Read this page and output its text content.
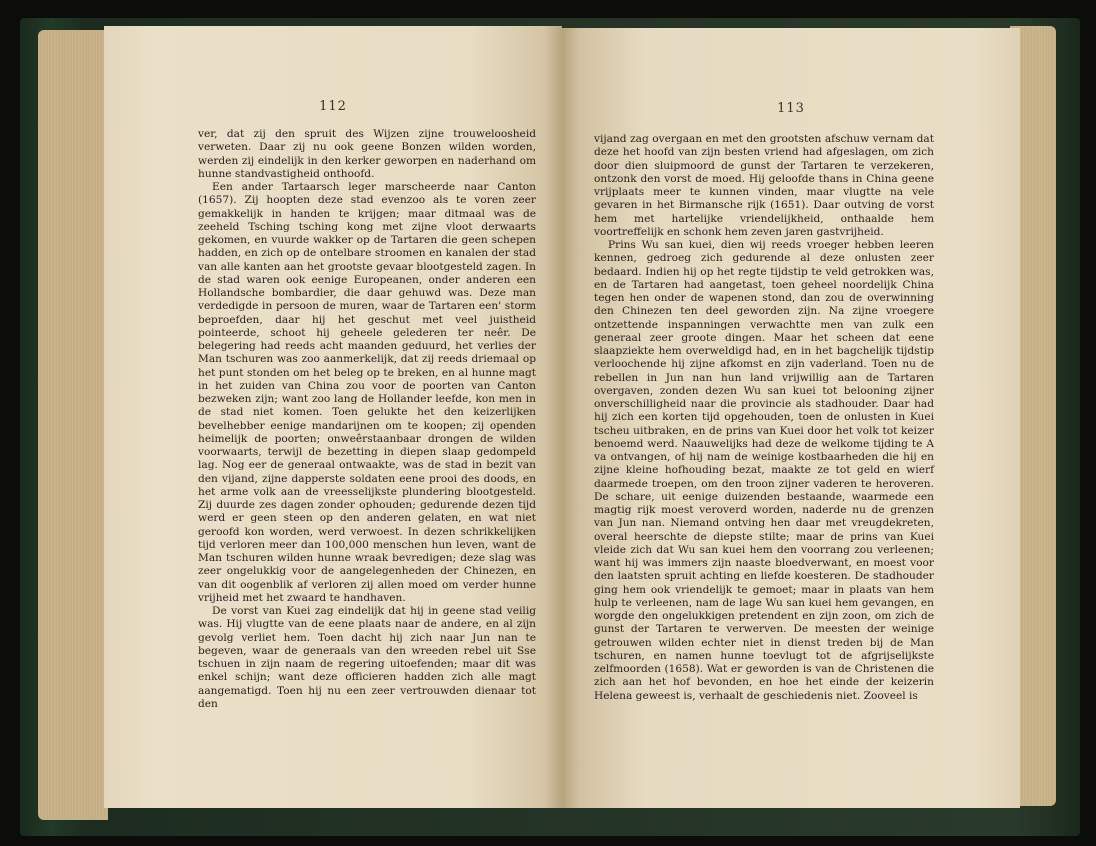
112

ver, dat zij den spruit des Wijzen zijne trouweloosheid verweten. Daar zij nu ook geene Bonzen wilden worden, werden zij eindelijk in den kerker geworpen en naderhand om hunne standvastigheid onthoofd.

Een ander Tartaarsch leger marscheerde naar Canton (1657). Zij hoopten deze stad evenzoo als te voren zeer gemakkelijk in handen te krijgen; maar ditmaal was de zeeheld Tsching tsching kong met zijne vloot derwaarts gekomen, en vuurde wakker op de Tartaren die geen schepen hadden, en zich op de ontelbare stroomen en kanalen der stad van alle kanten aan het grootste gevaar blootgesteld zagen. In de stad waren ook eenige Europeanen, onder anderen een Hollandsche bombardier, die daar gehuwd was. Deze man verdedigde in persoon de muren, waar de Tartaren een' storm beproefden, daar hij het geschut met veel juistheid pointeerde, schoot hij geheele gelederen ter neêr. De belegering had reeds acht maanden geduurd, het verlies der Man tschuren was zoo aanmerkelijk, dat zij reeds driemaal op het punt stonden om het beleg op te breken, en al hunne magt in het zuiden van China zou voor de poorten van Canton bezweken zijn; want zoo lang de Hollander leefde, kon men in de stad niet komen. Toen gelukte het den keizerlijken bevelhebber eenige mandarijnen om te koopen; zij openden heimelijk de poorten; onweêrstaanbaar drongen de wilden voorwaarts, terwijl de bezetting in diepen slaap gedompeld lag. Nog eer de generaal ontwaakte, was de stad in bezit van den vijand, zijne dapperste soldaten eene prooi des doods, en het arme volk aan de vreesselijkste plundering blootgesteld. Zij duurde zes dagen zonder ophouden; gedurende dezen tijd werd er geen steen op den anderen gelaten, en wat niet geroofd kon worden, werd verwoest. In dezen schrikkelijken tijd verloren meer dan 100,000 menschen hun leven, want de Man tschuren wilden hunne wraak bevredigen; deze slag was zeer ongelukkig voor de aangelegenheden der Chinezen, en van dit oogenblik af verloren zij allen moed om verder hunne vrijheid met het zwaard te handhaven.

De vorst van Kuei zag eindelijk dat hij in geene stad veilig was. Hij vlugtte van de eene plaats naar de andere, en al zijn gevolg verliet hem. Toen dacht hij zich naar Jun nan te begeven, waar de generaals van den wreeden rebel uit Sse tschuen in zijn naam de regering uitoefenden; maar dit was enkel schijn; want deze officieren hadden zich alle magt aangematigd. Toen hij nu een zeer vertrouwden dienaar tot den

113

vijand zag overgaan en met den grootsten afschuw vernam dat deze het hoofd van zijn besten vriend had afgeslagen, om zich door dien sluipmoord de gunst der Tartaren te verzekeren, ontzonk den vorst de moed. Hij geloofde thans in China geene vrijplaats meer te kunnen vinden, maar vlugtte na vele gevaren in het Birmansche rijk (1651). Daar outving de vorst hem met hartelijke vriendelijkheid, onthaalde hem voortreffelijk en schonk hem zeven jaren gastvrijheid.

Prins Wu san kuei, dien wij reeds vroeger hebben leeren kennen, gedroeg zich gedurende al deze onlusten zeer bedaard. Indien hij op het regte tijdstip te veld getrokken was, en de Tartaren had aangetast, toen geheel noordelijk China tegen hen onder de wapenen stond, dan zou de overwinning den Chinezen ten deel geworden zijn. Na zijne vroegere ontzettende inspanningen verwachtte men van zulk een generaal zeer groote dingen. Maar het scheen dat eene slaapziekte hem overweldigd had, en in het bagchelijk tijdstip verloochende hij zijne afkomst en zijn vaderland. Toen nu de rebellen in Jun nan hun land vrijwillig aan de Tartaren overgaven, zonden dezen Wu san kuei tot belooning zijner onverschilligheid naar die provincie als stadhouder. Daar had hij zich een korten tijd opgehouden, toen de onlusten in Kuei tscheu uitbraken, en de prins van Kuei door het volk tot keizer benoemd werd. Naauwelijks had deze de welkome tijding te A va ontvangen, of hij nam de weinige kostbaarheden die hij en zijne kleine hofhouding bezat, maakte ze tot geld en wierf daarmede troepen, om den troon zijner vaderen te heroveren. De schare, uit eenige duizenden bestaande, waarmede een magtig rijk moest veroverd worden, naderde nu de grenzen van Jun nan. Niemand ontving hen daar met vreugdekreten, overal heerschte de diepste stilte; maar de prins van Kuei vleide zich dat Wu san kuei hem den voorrang zou verleenen; want hij was immers zijn naaste bloedverwant, en moest voor den laatsten spruit achting en liefde koesteren. De stadhouder ging hem ook vriendelijk te gemoet; maar in plaats van hem hulp te verleenen, nam de lage Wu san kuei hem gevangen, en worgde den ongelukkigen pretendent en zijn zoon, om zich de gunst der Tartaren te verwerven. De meesten der weinige getrouwen wilden echter niet in dienst treden bij de Man tschuren, en namen hunne toevlugt tot de afgrijselijkste zelfmoorden (1658). Wat er geworden is van de Christenen die zich aan het hof bevonden, en hoe het einde der keizerin Helena geweest is, verhaalt de geschiedenis niet. Zooveel is
